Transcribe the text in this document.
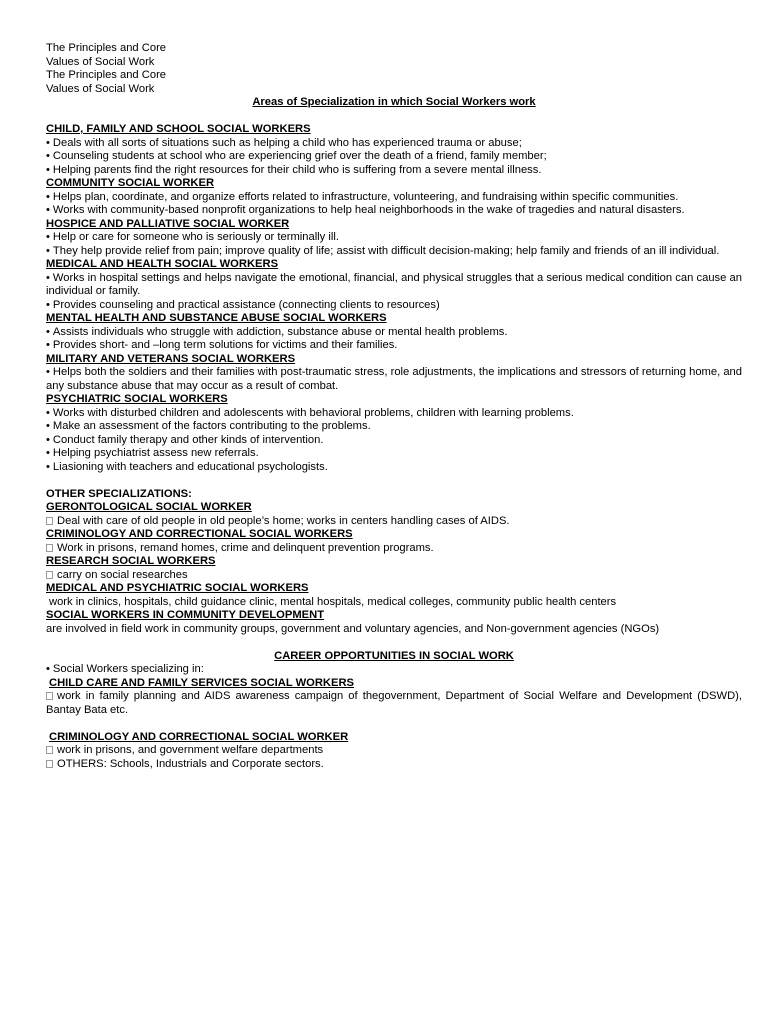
The Principles and Core
Values of Social Work
The Principles and Core
Values of Social Work
Areas of Specialization in which Social Workers work
CHILD, FAMILY AND SCHOOL SOCIAL WORKERS
• Deals with all sorts of situations such as helping a child who has experienced trauma or abuse;
• Counseling students at school who are experiencing grief over the death of a friend, family member;
• Helping parents find the right resources for their child who is suffering from a severe mental illness.
COMMUNITY SOCIAL WORKER
• Helps plan, coordinate, and organize efforts related to infrastructure, volunteering, and fundraising within specific communities.
• Works with community-based nonprofit organizations to help heal neighborhoods in the wake of tragedies and natural disasters.
HOSPICE AND PALLIATIVE SOCIAL WORKER
• Help or care for someone who is seriously or terminally ill.
• They help provide relief from pain; improve quality of life; assist with difficult decision-making; help family and friends of an ill individual.
MEDICAL AND HEALTH SOCIAL WORKERS
• Works in hospital settings and helps navigate the emotional, financial, and physical struggles that a serious medical condition can cause an individual or family.
• Provides counseling and practical assistance (connecting clients to resources)
MENTAL HEALTH AND SUBSTANCE ABUSE SOCIAL WORKERS
• Assists individuals who struggle with addiction, substance abuse or mental health problems.
• Provides short- and –long term solutions for victims and their families.
MILITARY AND VETERANS SOCIAL WORKERS
• Helps both the soldiers and their families with post-traumatic stress, role adjustments, the implications and stressors of returning home, and any substance abuse that may occur as a result of combat.
PSYCHIATRIC SOCIAL WORKERS
• Works with disturbed children and adolescents with behavioral problems, children with learning problems.
• Make an assessment of the factors contributing to the problems.
• Conduct family therapy and other kinds of intervention.
• Helping psychiatrist assess new referrals.
• Liasioning with teachers and educational psychologists.
OTHER SPECIALIZATIONS:
GERONTOLOGICAL SOCIAL WORKER
Deal with care of old people in old people’s home; works in centers handling cases of AIDS.
CRIMINOLOGY AND CORRECTIONAL SOCIAL WORKERS
Work in prisons, remand homes, crime and delinquent prevention programs.
RESEARCH SOCIAL WORKERS
carry on social researches
MEDICAL AND PSYCHIATRIC SOCIAL WORKERS
work in clinics, hospitals, child guidance clinic, mental hospitals, medical colleges, community public health centers
SOCIAL WORKERS IN COMMUNITY DEVELOPMENT
are involved in field work in community groups, government and voluntary agencies, and Non-government agencies (NGOs)
CAREER OPPORTUNITIES IN SOCIAL WORK
• Social Workers specializing in:
CHILD CARE AND FAMILY SERVICES SOCIAL WORKERS
work in family planning and AIDS awareness campaign of thegovernment, Department of Social Welfare and Development (DSWD), Bantay Bata etc.
CRIMINOLOGY AND CORRECTIONAL SOCIAL WORKER
work in prisons, and government welfare departments
OTHERS: Schools, Industrials and Corporate sectors.
